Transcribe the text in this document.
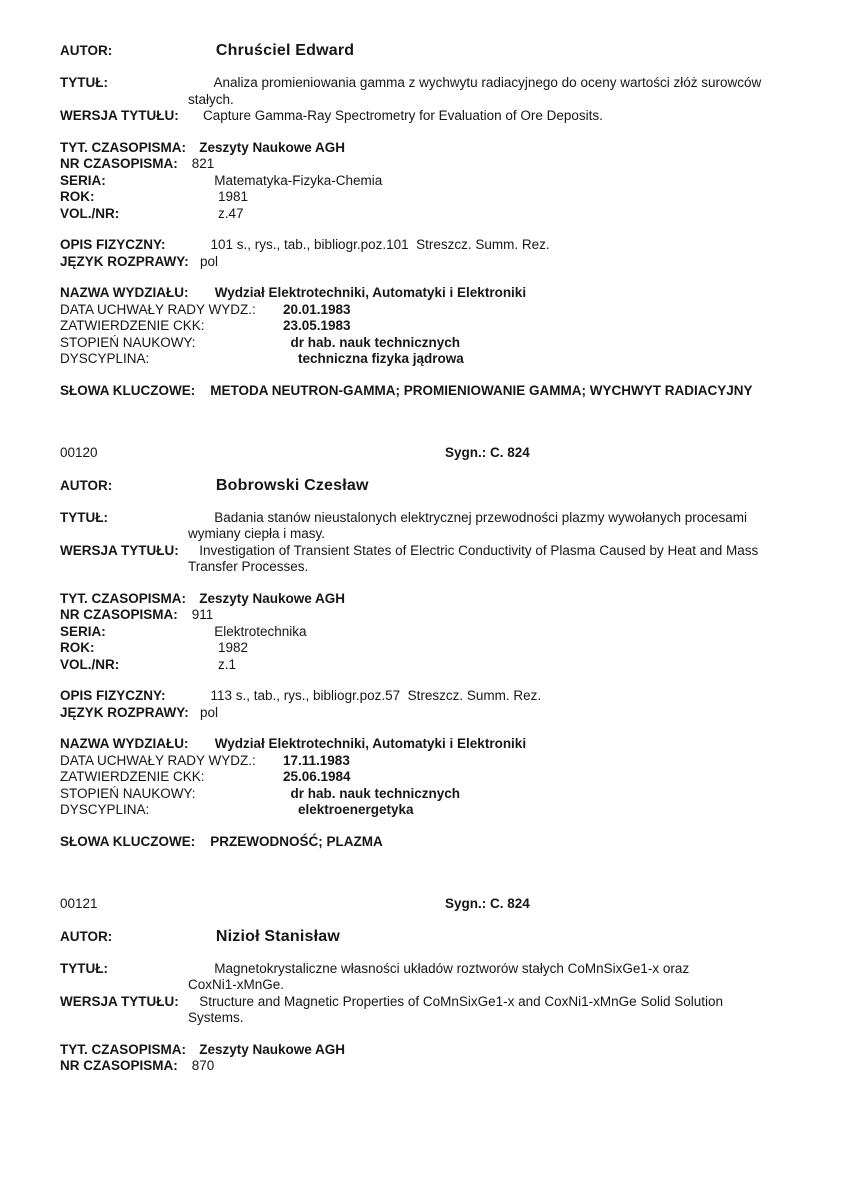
AUTOR:	Chruściel Edward
TYTUŁ:	Analiza promieniowania gamma z wychwytu radiacyjnego do oceny wartości złóż surowców
stałych.
WERSJA TYTUŁU: Capture Gamma-Ray Spectrometry for Evaluation of Ore Deposits.
TYT. CZASOPISMA: Zeszyty Naukowe AGH
NR CZASOPISMA: 821
SERIA:	Matematyka-Fizyka-Chemia
ROK:	1981
VOL./NR:	z.47
OPIS FIZYCZNY:	101 s., rys., tab., bibliogr.poz.101  Streszcz. Summ. Rez.
JĘZYK ROZPRAWY: pol
NAZWA WYDZIAŁU: Wydział Elektrotechniki, Automatyki i Elektroniki
DATA UCHWAŁY RADY WYDZ.:	20.01.1983
ZATWIERDZENIE CKK:	23.05.1983
STOPIEŃ NAUKOWY:	dr hab. nauk technicznych
DYSCYPLINA:	techniczna fizyka jądrowa
SŁOWA KLUCZOWE: METODA NEUTRON-GAMMA; PROMIENIOWANIE GAMMA; WYCHWYT RADIACYJNY
00120	Sygn.: C. 824
AUTOR:	Bobrowski Czesław
TYTUŁ:	Badania stanów nieustalonych elektrycznej przewodności plazmy wywołanych procesami
wymiany ciepła i masy.
WERSJA TYTUŁU: Investigation of Transient States of Electric Conductivity of Plasma Caused by Heat and Mass
Transfer Processes.
TYT. CZASOPISMA: Zeszyty Naukowe AGH
NR CZASOPISMA: 911
SERIA:	Elektrotechnika
ROK:	1982
VOL./NR:	z.1
OPIS FIZYCZNY:	113 s., tab., rys., bibliogr.poz.57  Streszcz. Summ. Rez.
JĘZYK ROZPRAWY: pol
NAZWA WYDZIAŁU: Wydział Elektrotechniki, Automatyki i Elektroniki
DATA UCHWAŁY RADY WYDZ.:	17.11.1983
ZATWIERDZENIE CKK:	25.06.1984
STOPIEŃ NAUKOWY:	dr hab. nauk technicznych
DYSCYPLINA:	elektroenergetyka
SŁOWA KLUCZOWE: PRZEWODNOŚĆ; PLAZMA
00121	Sygn.: C. 824
AUTOR:	Nizioł Stanisław
TYTUŁ:	Magnetokrystaliczne własności układów roztworów stałych CoMnSixGe1-x oraz
CoxNi1-xMnGe.
WERSJA TYTUŁU: Structure and Magnetic Properties of CoMnSixGe1-x and CoxNi1-xMnGe Solid Solution
Systems.
TYT. CZASOPISMA: Zeszyty Naukowe AGH
NR CZASOPISMA: 870
